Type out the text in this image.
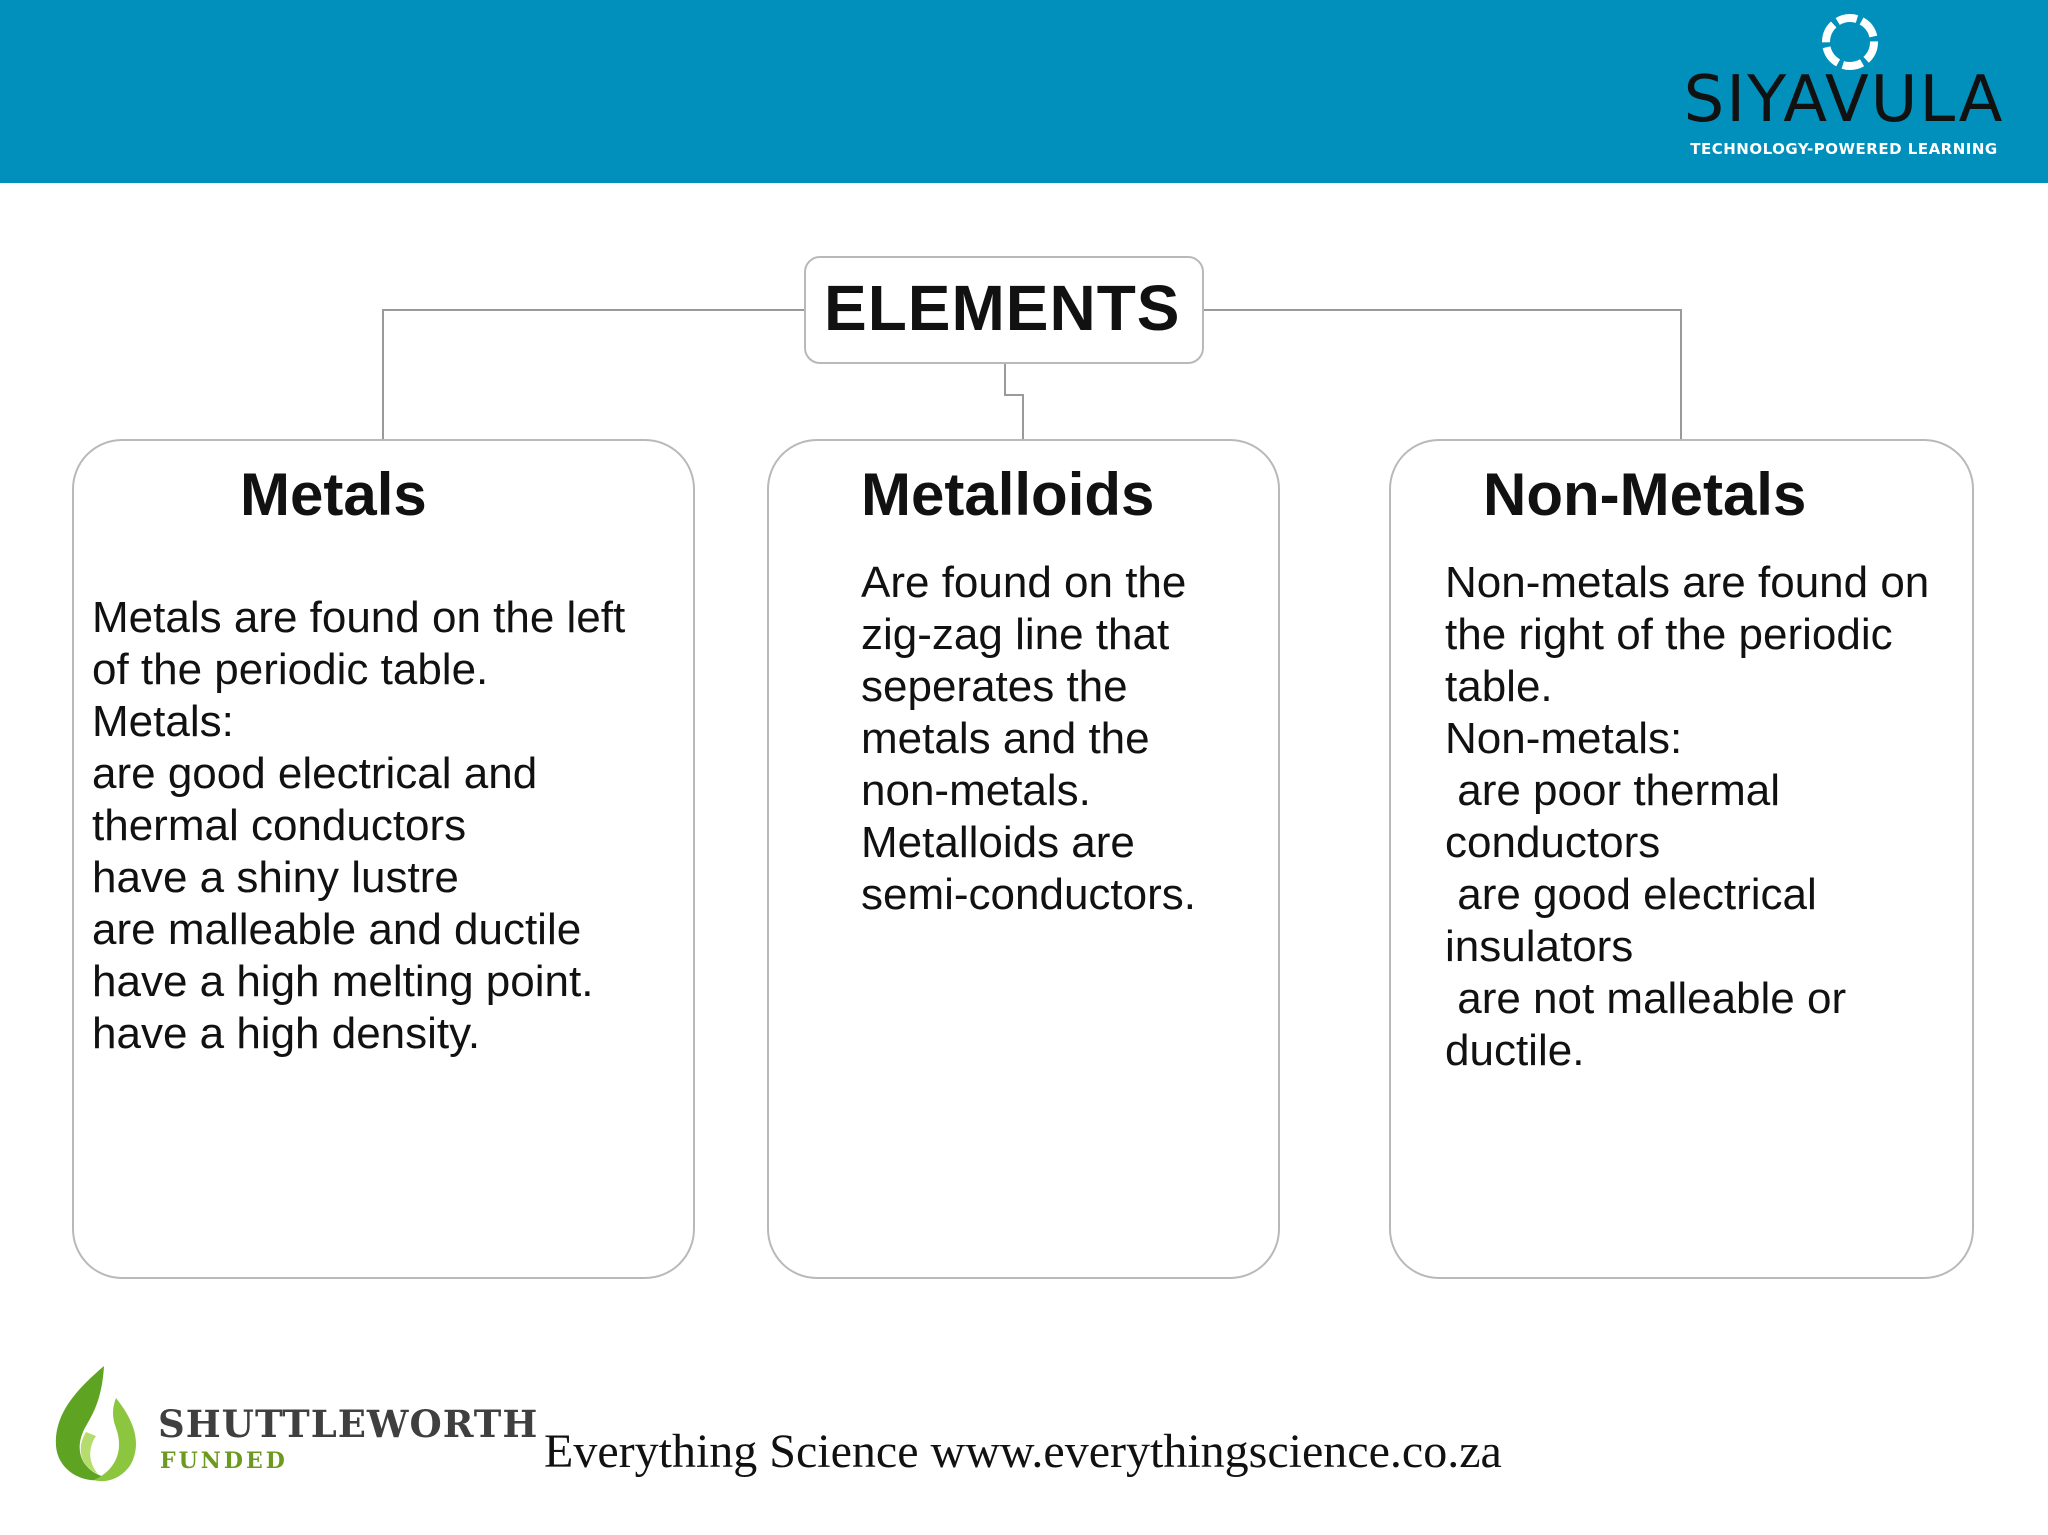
SIYAVULA
TECHNOLOGY-POWERED LEARNING
ELEMENTS
Metals
Metals are found on the left
of the periodic table.
Metals:
are good electrical and
thermal conductors
have a shiny lustre
are malleable and ductile
have a high melting point.
have a high density.
Metalloids
Are found on the
zig-zag line that
seperates the
metals and the
non-metals.
Metalloids are
semi-conductors.
Non-Metals
Non-metals are found on
the right of the periodic
table.
Non-metals:
are poor thermal
conductors
are good electrical
insulators
are not malleable or
ductile.
SHUTTLEWORTH
FUNDED	Everything Science www.everythingscience.co.za
